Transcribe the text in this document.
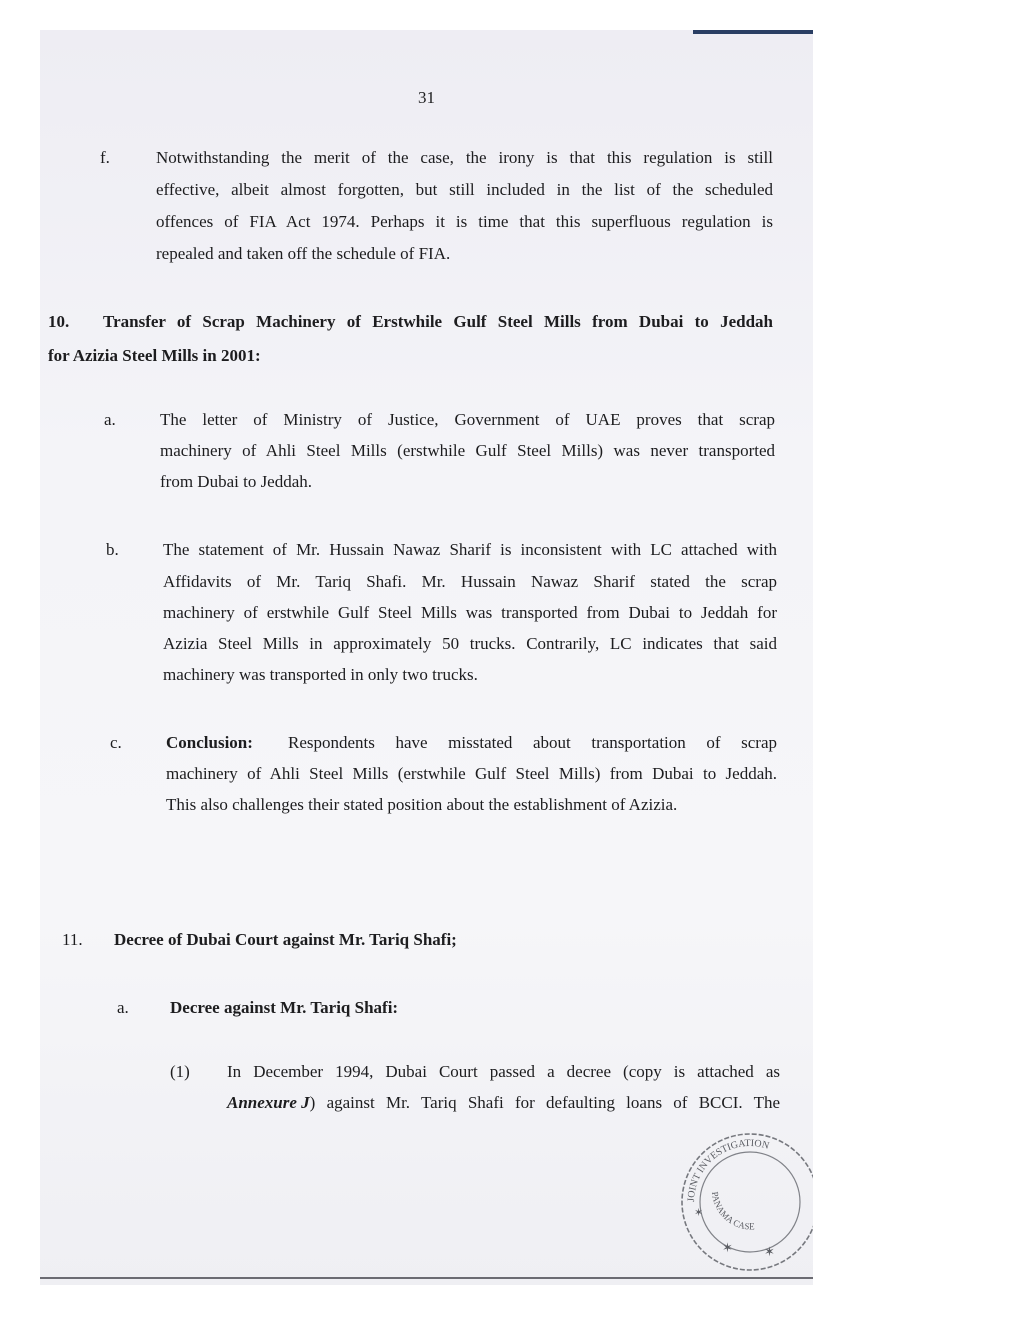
31
f.	Notwithstanding the merit of the case, the irony is that this regulation is still
effective, albeit almost forgotten, but still included in the list of the scheduled
offences of FIA Act 1974. Perhaps it is time that this superfluous regulation is
repealed and taken off the schedule of FIA.
10. Transfer of Scrap Machinery of Erstwhile Gulf Steel Mills from Dubai to Jeddah
for Azizia Steel Mills in 2001:
a.	The letter of Ministry of Justice, Government of UAE proves that scrap
machinery of Ahli Steel Mills (erstwhile Gulf Steel Mills) was never transported
from Dubai to Jeddah.
b.	The statement of Mr. Hussain Nawaz Sharif is inconsistent with LC attached with
Affidavits of Mr. Tariq Shafi. Mr. Hussain Nawaz Sharif stated the scrap
machinery of erstwhile Gulf Steel Mills was transported from Dubai to Jeddah for
Azizia Steel Mills in approximately 50 trucks. Contrarily, LC indicates that said
machinery was transported in only two trucks.
c.	Conclusion: Respondents have misstated about transportation of scrap
machinery of Ahli Steel Mills (erstwhile Gulf Steel Mills) from Dubai to Jeddah.
This also challenges their stated position about the establishment of Azizia.
11. Decree of Dubai Court against Mr. Tariq Shafi;
a. Decree against Mr. Tariq Shafi:
(1) In December 1994, Dubai Court passed a decree (copy is attached as
Annexure J ) against Mr. Tariq Shafi for defaulting loans of BCCI. The
JOINT INVESTIGATION
PANAMA CASE
✶ ✶
✶
